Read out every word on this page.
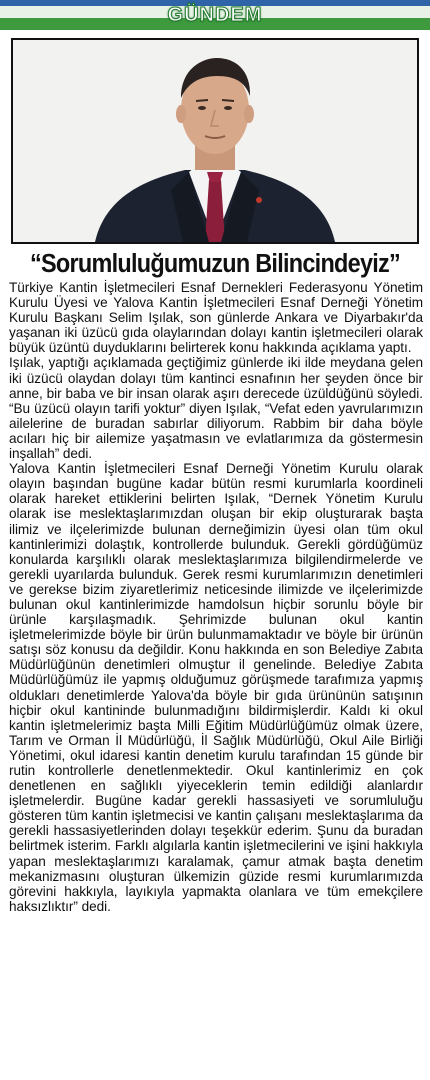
GÜNDEM
“Sorumluluğumuzun Bilincindeyiz”

Türkiye Kantin İşletmecileri Esnaf Dernekleri Federasyonu Yönetim Kurulu Üyesi ve Yalova Kantin İşletmecileri Esnaf Derneği Yönetim Kurulu Başkanı Selim Işılak, son günlerde Ankara ve Diyarbakır'da yaşanan iki üzücü gıda olaylarından dolayı kantin işletmecileri olarak büyük üzüntü duyduklarını belirterek konu hakkında açıklama yaptı.

Işılak, yaptığı açıklamada geçtiğimiz günlerde iki ilde meydana gelen iki üzücü olaydan dolayı tüm kantinci esnafının her şeyden önce bir anne, bir baba ve bir insan olarak aşırı derecede üzüldüğünü söyledi. “Bu üzücü olayın tarifi yoktur” diyen Işılak, “Vefat eden yavrularımızın ailelerine de buradan sabırlar diliyorum. Rabbim bir daha böyle acıları hiç bir ailemize yaşatmasın ve evlatlarımıza da göstermesin inşallah” dedi.

Yalova Kantin İşletmecileri Esnaf Derneği Yönetim Kurulu olarak olayın başından bugüne kadar bütün resmi kurumlarla koordineli olarak hareket ettiklerini belirten Işılak, “Dernek Yönetim Kurulu olarak ise meslektaşlarımızdan oluşan bir ekip oluşturarak başta ilimiz ve ilçelerimizde bulunan derneğimizin üyesi olan tüm okul kantinlerimizi dolaştık, kontrollerde bulunduk. Gerekli gördüğümüz konularda karşılıklı olarak meslektaşlarımıza bilgilendirmelerde ve gerekli uyarılarda bulunduk. Gerek resmi kurumlarımızın denetimleri ve gerekse bizim ziyaretlerimiz neticesinde ilimizde ve ilçelerimizde bulunan okul kantinlerimizde hamdolsun hiçbir sorunlu böyle bir ürünle karşılaşmadık. Şehrimizde bulunan okul kantin işletmelerimizde böyle bir ürün bulunmamaktadır ve böyle bir ürünün satışı söz konusu da değildir. Konu hakkında en son Belediye Zabıta Müdürlüğünün denetimleri olmuştur il genelinde. Belediye Zabıta Müdürlüğümüz ile yapmış olduğumuz görüşmede tarafımıza yapmış oldukları denetimlerde Yalova'da böyle bir gıda ürününün satışının hiçbir okul kantininde bulunmadığını bildirmişlerdir. Kaldı ki okul kantin işletmelerimiz başta Milli Eğitim Müdürlüğümüz olmak üzere, Tarım ve Orman İl Müdürlüğü, İl Sağlık Müdürlüğü, Okul Aile Birliği Yönetimi, okul idaresi kantin denetim kurulu tarafından 15 günde bir rutin kontrollerle denetlenmektedir. Okul kantinlerimiz en çok denetlenen en sağlıklı yiyeceklerin temin edildiği alanlardır işletmelerdir. Bugüne kadar gerekli hassasiyeti ve sorumluluğu gösteren tüm kantin işletmecisi ve kantin çalışanı meslektaşlarıma da gerekli hassasiyetlerinden dolayı teşekkür ederim. Şunu da buradan belirtmek isterim. Farklı algılarla kantin işletmecilerini ve işini hakkıyla yapan meslektaşlarımızı karalamak, çamur atmak başta denetim mekanizmasını oluşturan ülkemizin güzide resmi kurumlarımızda görevini hakkıyla, layıkıyla yapmakta olanlara ve tüm emekçilere haksızlıktır” dedi.
